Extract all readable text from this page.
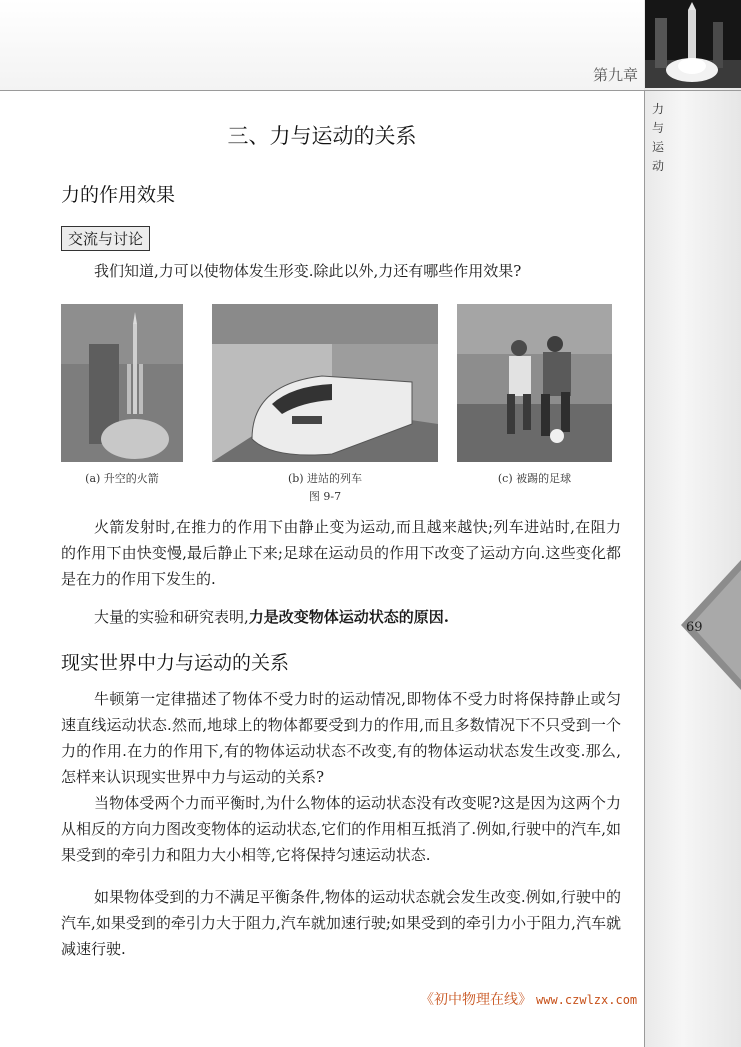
第九章
力与运动
69
三、力与运动的关系
力的作用效果
交流与讨论
我们知道,力可以使物体发生形变.除此以外,力还有哪些作用效果?
(a) 升空的火箭	(b) 进站的列车	(c) 被踢的足球
图 9-7
火箭发射时,在推力的作用下由静止变为运动,而且越来越快;列车进站时,在阻力的作用下由快变慢,最后静止下来;足球在运动员的作用下改变了运动方向.这些变化都是在力的作用下发生的.
大量的实验和研究表明,力是改变物体运动状态的原因.
现实世界中力与运动的关系
牛顿第一定律描述了物体不受力时的运动情况,即物体不受力时将保持静止或匀速直线运动状态.然而,地球上的物体都要受到力的作用,而且多数情况下不只受到一个力的作用.在力的作用下,有的物体运动状态不改变,有的物体运动状态发生改变.那么,怎样来认识现实世界中力与运动的关系?
当物体受两个力而平衡时,为什么物体的运动状态没有改变呢?这是因为这两个力从相反的方向力图改变物体的运动状态,它们的作用相互抵消了.例如,行驶中的汽车,如果受到的牵引力和阻力大小相等,它将保持匀速运动状态.
如果物体受到的力不满足平衡条件,物体的运动状态就会发生改变.例如,行驶中的汽车,如果受到的牵引力大于阻力,汽车就加速行驶;如果受到的牵引力小于阻力,汽车就减速行驶.
《初中物理在线》 www.czwlzx.com
